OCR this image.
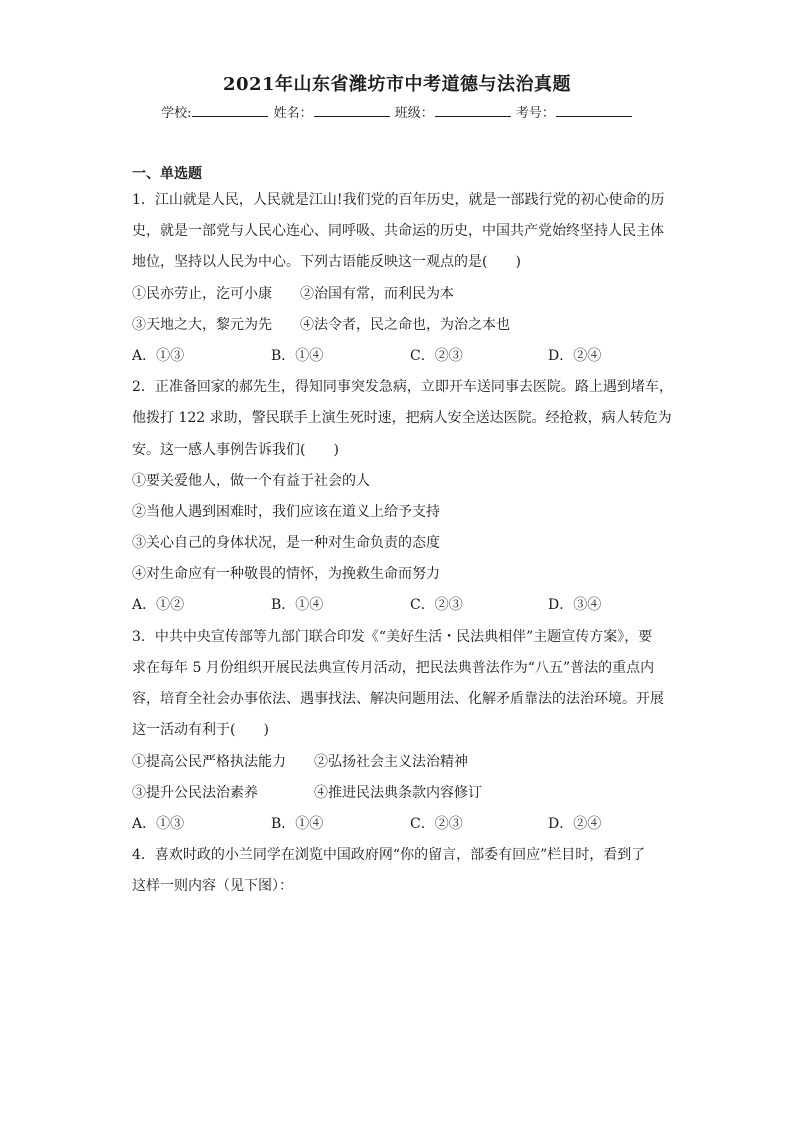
2021年山东省潍坊市中考道德与法治真题
学校:	姓名：	班级：	考号：
一、单选题
1．江山就是人民，人民就是江山!我们党的百年历史，就是一部践行党的初心使命的历
史，就是一部党与人民心连心、同呼吸、共命运的历史，中国共产党始终坚持人民主体
地位，坚持以人民为中心。下列古语能反映这一观点的是(　　)
①民亦劳止，汔可小康　　②治国有常，而利民为本
③天地之大，黎元为先　　④法令者，民之命也，为治之本也
A．①③	B．①④	C．②③	D．②④
2．正准备回家的郝先生，得知同事突发急病，立即开车送同事去医院。路上遇到堵车，
他拨打 122 求助，警民联手上演生死时速，把病人安全送达医院。经抢救，病人转危为
安。这一感人事例告诉我们(　　)
①要关爱他人，做一个有益于社会的人
②当他人遇到困难时，我们应该在道义上给予支持
③关心自己的身体状况，是一种对生命负责的态度
④对生命应有一种敬畏的情怀，为挽救生命而努力
A．①②	B．①④	C．②③	D．③④
3．中共中央宣传部等九部门联合印发《“美好生活・民法典相伴”主题宣传方案》，要
求在每年 5 月份组织开展民法典宣传月活动，把民法典普法作为“八五”普法的重点内
容，培育全社会办事依法、遇事找法、解决问题用法、化解矛盾靠法的法治环境。开展
这一活动有利于(　　)
①提高公民严格执法能力　　②弘扬社会主义法治精神
③提升公民法治素养　　　　④推进民法典条款内容修订
A．①③	B．①④	C．②③	D．②④
4．喜欢时政的小兰同学在浏览中国政府网“你的留言，部委有回应”栏目时，看到了
这样一则内容（见下图）：
